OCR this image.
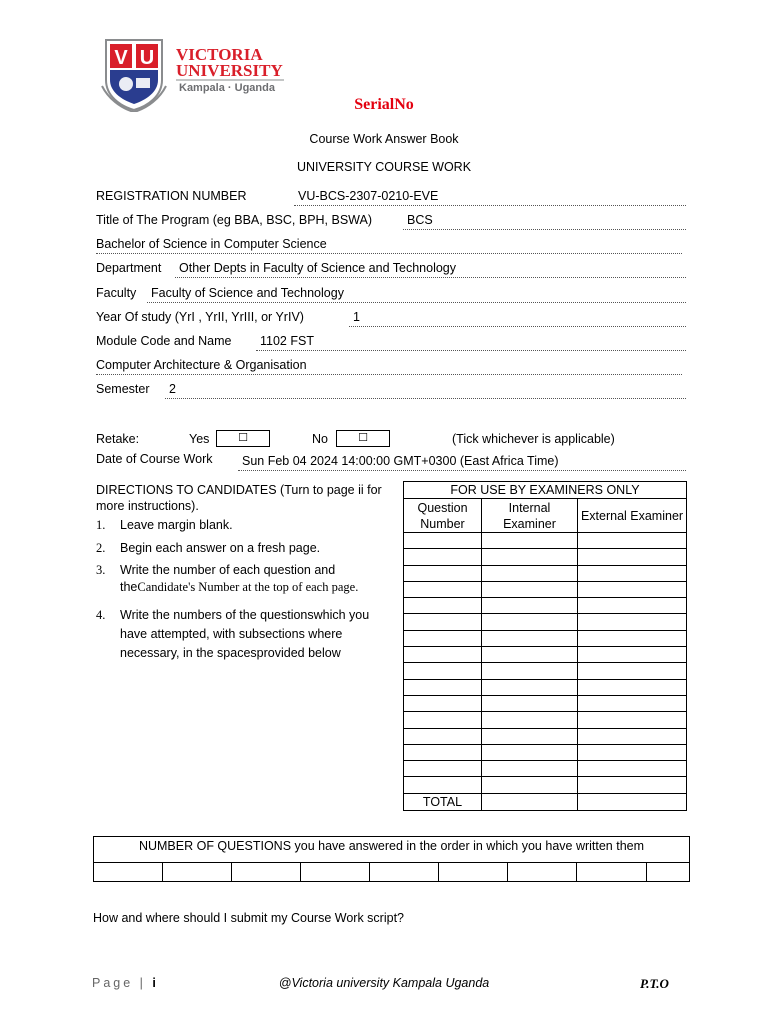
V U VICTORIA
UNIVERSITY
Kampala · Uganda
SerialNo
Course Work Answer Book
UNIVERSITY COURSE WORK
REGISTRATION NUMBER	VU-BCS-2307-0210-EVE
Title of The Program (eg BBA, BSC, BPH, BSWA)	BCS
Bachelor of Science in Computer Science
Department	Other Depts in Faculty of Science and Technology
Faculty	Faculty of Science and Technology
Year Of study (YrI , YrII, YrIII, or YrIV)	1
Module Code and Name	1102 FST
Computer Architecture & Organisation
Semester	2
Retake:	Yes	☐	No	☐	(Tick whichever is applicable)
Date of Course Work	Sun Feb 04 2024 14:00:00 GMT+0300 (East Africa Time)
DIRECTIONS TO CANDIDATES (Turn to page ii for more instructions).
1. Leave margin blank.
2. Begin each answer on a fresh page.
3. Write the number of each question and theCandidate's Number at the top of each page.
4. Write the numbers of the questionswhich you have attempted, with subsections where necessary, in the spacesprovided below
FOR USE BY EXAMINERS ONLY		
Question Number	Internal Examiner	External Examiner

TOTAL		
NUMBER OF QUESTIONS you have answered in the order in which you have written them

How and where should I submit my Course Work script?
Page | i	@Victoria university Kampala Uganda	P.T.O
